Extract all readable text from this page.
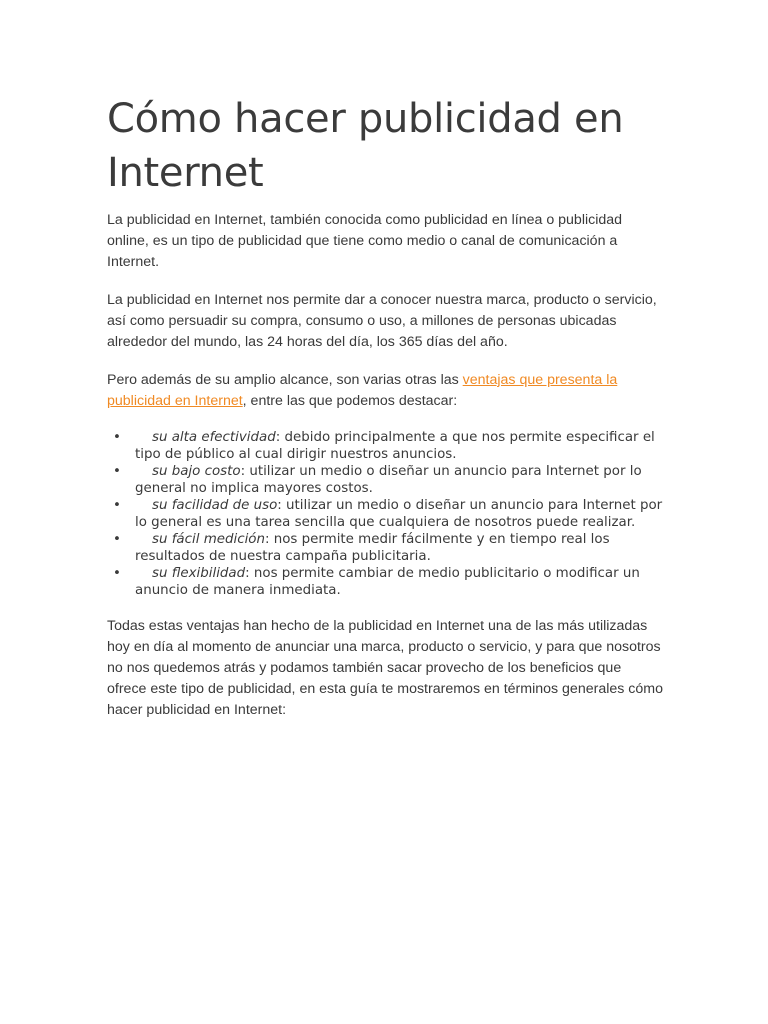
Cómo hacer publicidad en Internet

La publicidad en Internet, también conocida como publicidad en línea o publicidad online, es un tipo de publicidad que tiene como medio o canal de comunicación a Internet.

La publicidad en Internet nos permite dar a conocer nuestra marca, producto o servicio, así como persuadir su compra, consumo o uso, a millones de personas ubicadas alrededor del mundo, las 24 horas del día, los 365 días del año.

Pero además de su amplio alcance, son varias otras las ventajas que presenta la publicidad en Internet, entre las que podemos destacar:

• su alta efectividad: debido principalmente a que nos permite especificar el tipo de público al cual dirigir nuestros anuncios.
• su bajo costo: utilizar un medio o diseñar un anuncio para Internet por lo general no implica mayores costos.
• su facilidad de uso: utilizar un medio o diseñar un anuncio para Internet por lo general es una tarea sencilla que cualquiera de nosotros puede realizar.
• su fácil medición: nos permite medir fácilmente y en tiempo real los resultados de nuestra campaña publicitaria.
• su flexibilidad: nos permite cambiar de medio publicitario o modificar un anuncio de manera inmediata.

Todas estas ventajas han hecho de la publicidad en Internet una de las más utilizadas hoy en día al momento de anunciar una marca, producto o servicio, y para que nosotros no nos quedemos atrás y podamos también sacar provecho de los beneficios que ofrece este tipo de publicidad, en esta guía te mostraremos en términos generales cómo hacer publicidad en Internet:
